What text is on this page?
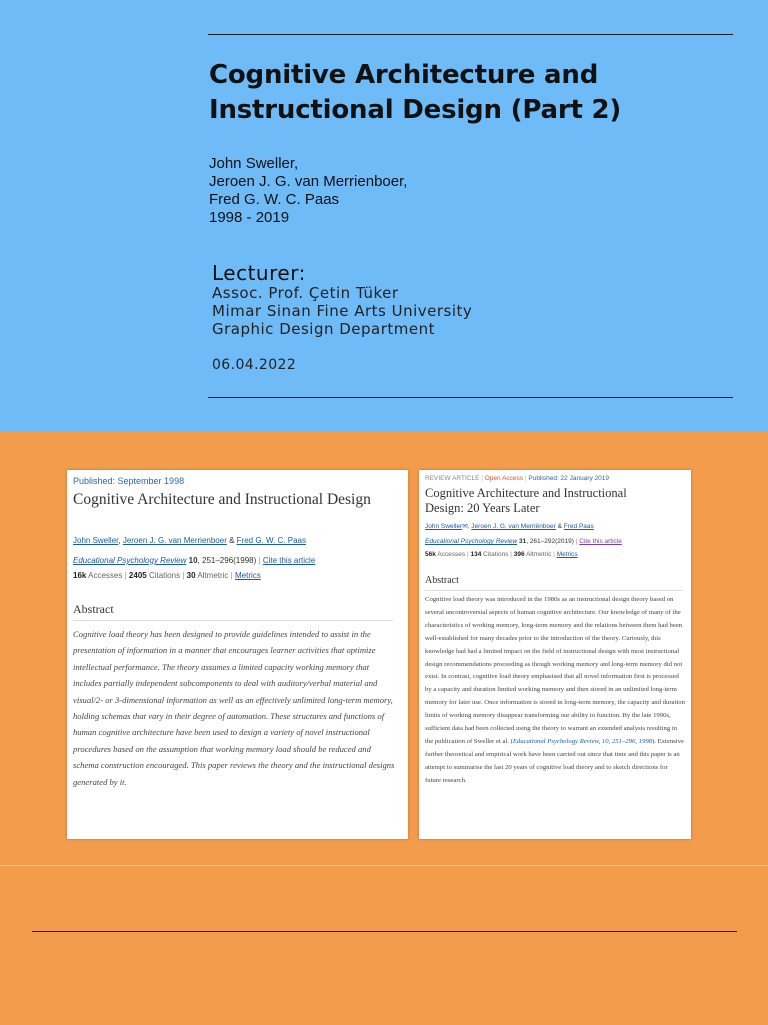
Cognitive Architecture and Instructional Design (Part 2)
John Sweller,
Jeroen J. G. van Merrienboer,
Fred G. W. C. Paas
1998 - 2019
Lecturer:
Assoc. Prof. Çetin Tüker
Mimar Sinan Fine Arts University
Graphic Design Department
06.04.2022
Published: September 1998
Cognitive Architecture and Instructional Design
John Sweller, Jeroen J. G. van Merrienboer & Fred G. W. C. Paas
Educational Psychology Review 10, 251–296(1998) | Cite this article
16k Accesses | 2405 Citations | 30 Altmetric | Metrics
Abstract

Cognitive load theory has been designed to provide guidelines intended to assist in the presentation of information in a manner that encourages learner activities that optimize intellectual performance. The theory assumes a limited capacity working memory that includes partially independent subcomponents to deal with auditory/verbal material and visual/2- or 3-dimensional information as well as an effectively unlimited long-term memory, holding schemas that vary in their degree of automation. These structures and functions of human cognitive architecture have been used to design a variety of novel instructional procedures based on the assumption that working memory load should be reduced and schema construction encouraged. This paper reviews the theory and the instructional designs generated by it.

REVIEW ARTICLE | Open Access | Published: 22 January 2019
Cognitive Architecture and Instructional Design: 20 Years Later
John Sweller✉, Jeroen J. G. van Merriënboer & Fred Paas
Educational Psychology Review 31, 261–292(2019) | Cite this article
56k Accesses | 134 Citations | 396 Altmetric | Metrics
Abstract

Cognitive load theory was introduced in the 1980s as an instructional design theory based on several uncontroversial aspects of human cognitive architecture. Our knowledge of many of the characteristics of working memory, long-term memory and the relations between them had been well-established for many decades prior to the introduction of the theory. Curiously, this knowledge had had a limited impact on the field of instructional design with most instructional design recommendations proceeding as though working memory and long-term memory did not exist. In contrast, cognitive load theory emphasised that all novel information first is processed by a capacity and duration limited working memory and then stored in an unlimited long-term memory for later use. Once information is stored in long-term memory, the capacity and duration limits of working memory disappear transforming our ability to function. By the late 1990s, sufficient data had been collected using the theory to warrant an extended analysis resulting in the publication of Sweller et al. (Educational Psychology Review, 10, 251–296, 1998). Extensive further theoretical and empirical work have been carried out since that time and this paper is an attempt to summarise the last 20 years of cognitive load theory and to sketch directions for future research.
